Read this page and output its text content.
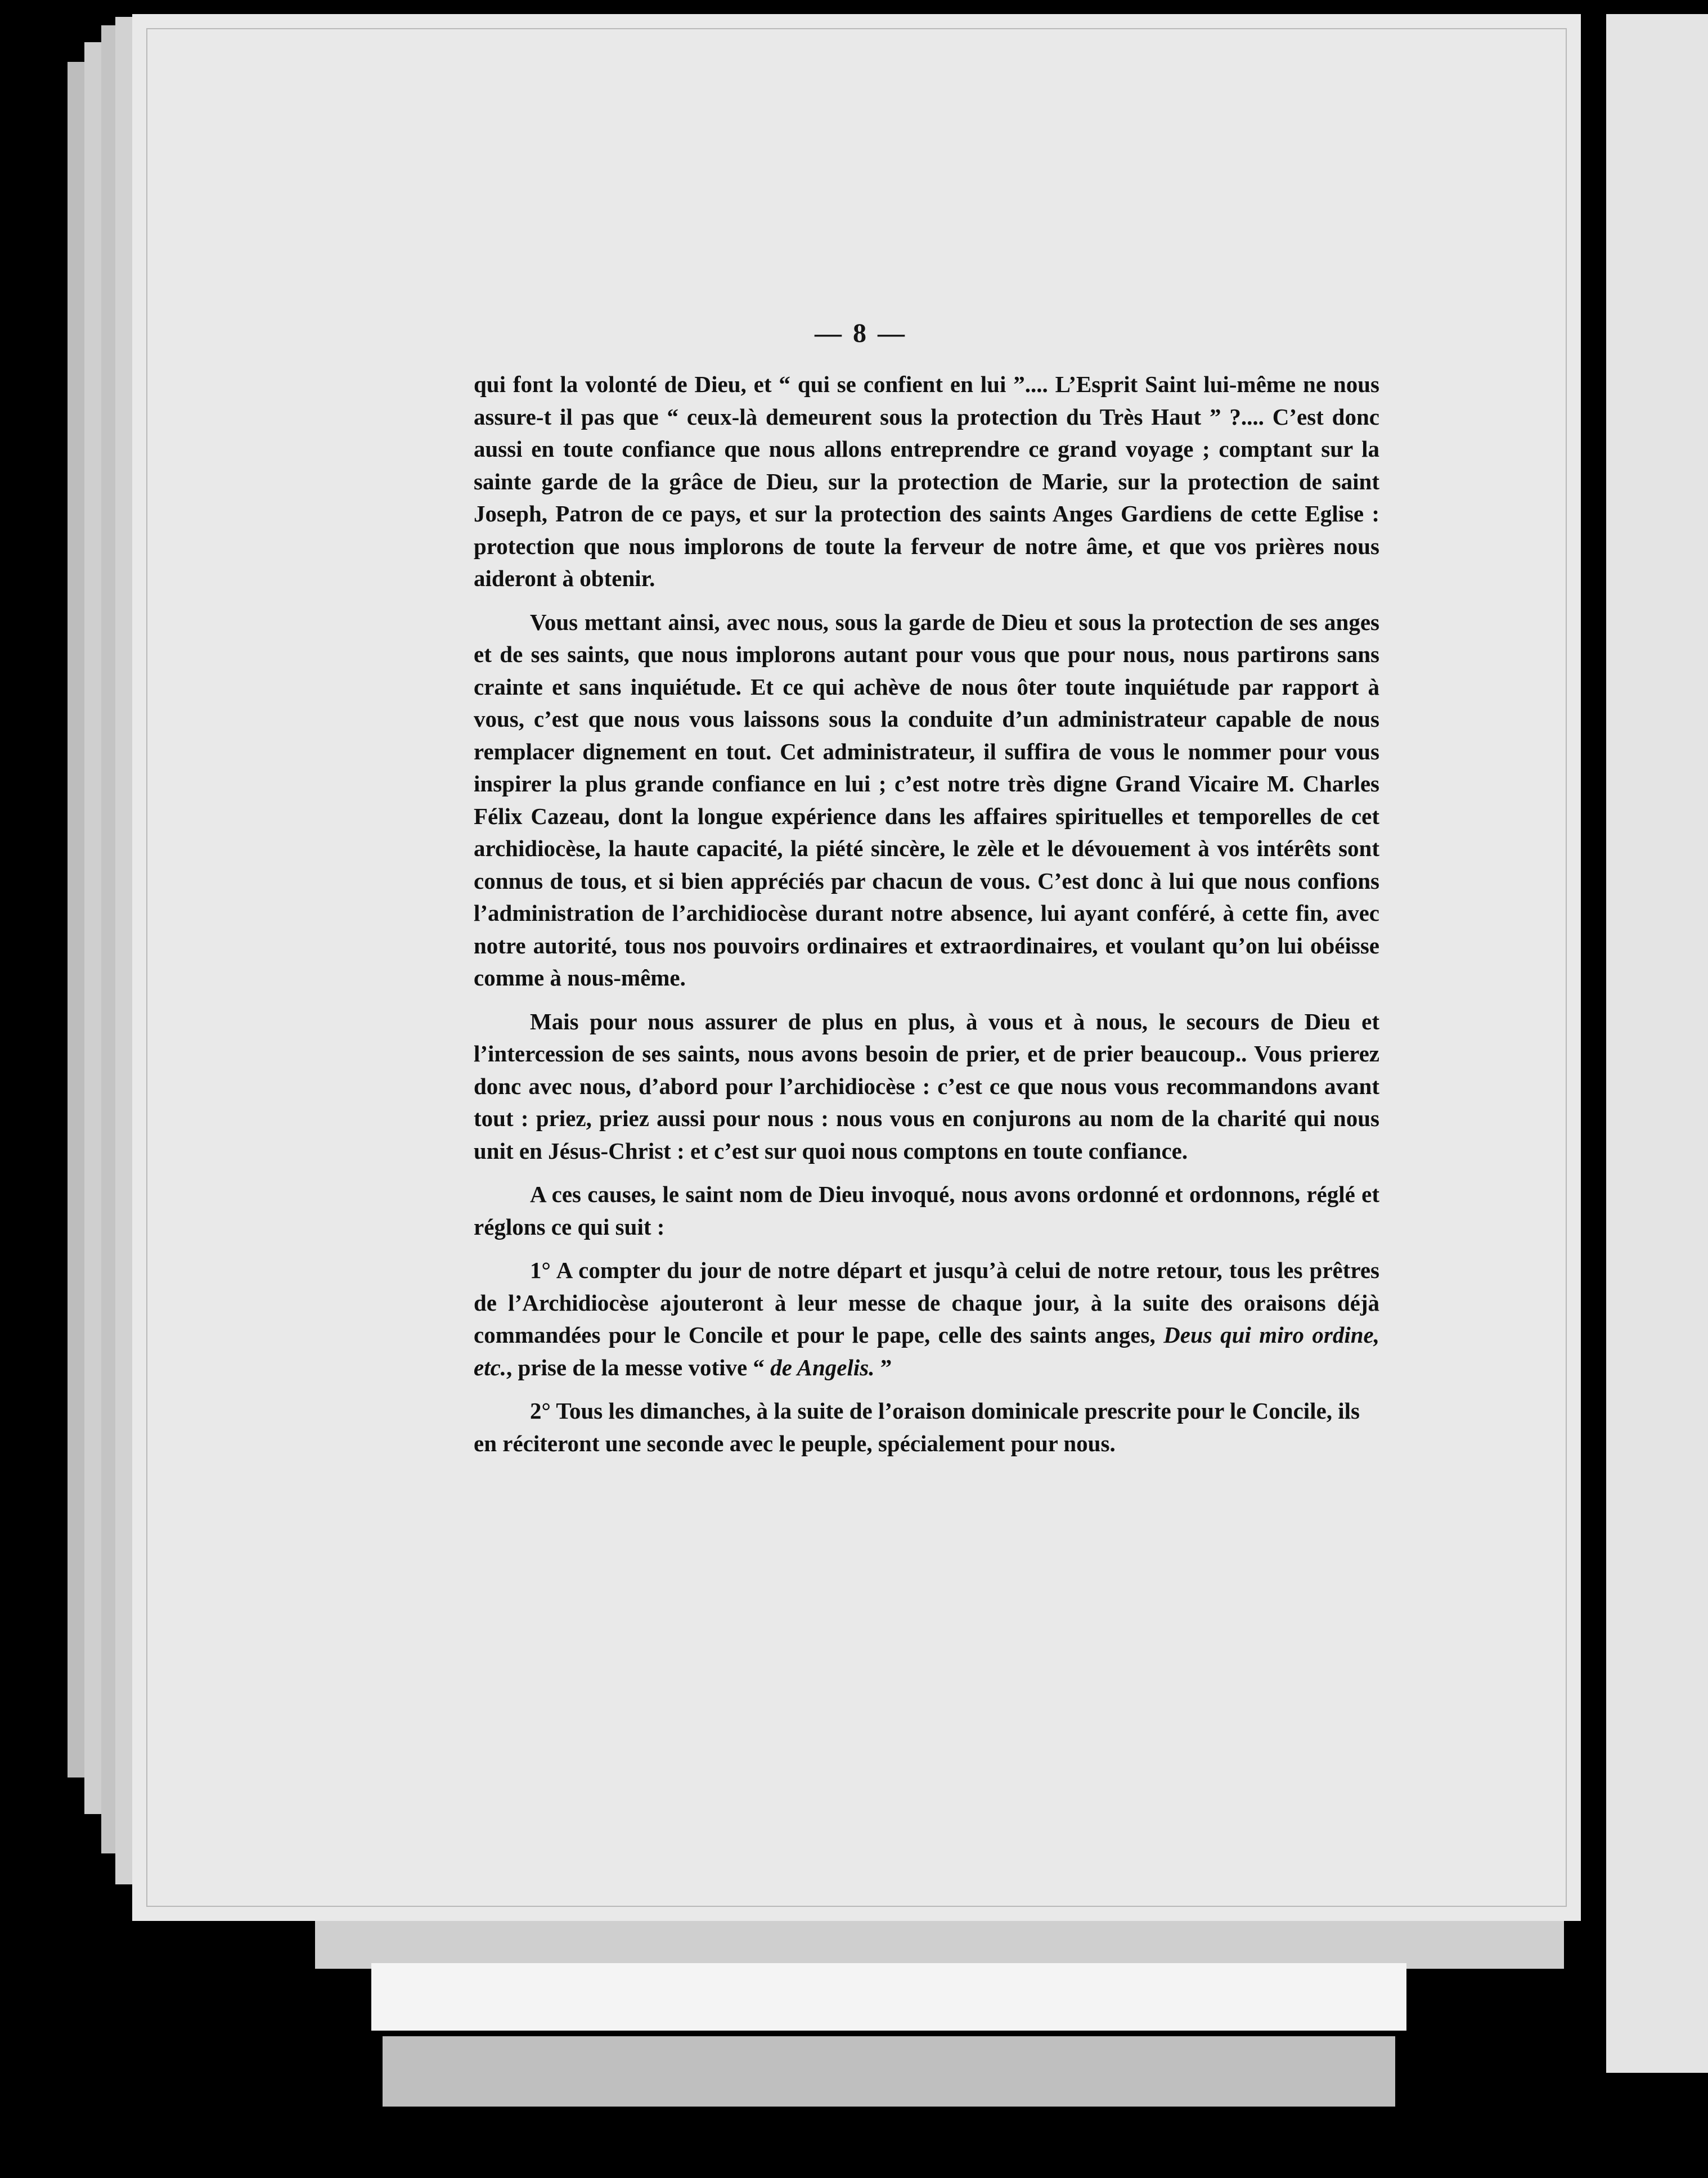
— 8 —

qui font la volonté de Dieu, et “ qui se confient en lui ”.... L’Esprit Saint lui-même ne nous assure-t il pas que “ ceux-là demeurent sous la protection du Très Haut ” ?.... C’est donc aussi en toute confiance que nous allons entreprendre ce grand voyage ; comptant sur la sainte garde de la grâce de Dieu, sur la protection de Marie, sur la protection de saint Joseph, Patron de ce pays, et sur la protection des saints Anges Gardiens de cette Eglise : protection que nous implorons de toute la ferveur de notre âme, et que vos prières nous aideront à obtenir.

Vous mettant ainsi, avec nous, sous la garde de Dieu et sous la protection de ses anges et de ses saints, que nous implorons autant pour vous que pour nous, nous partirons sans crainte et sans inquiétude. Et ce qui achève de nous ôter toute inquiétude par rapport à vous, c’est que nous vous laissons sous la conduite d’un administrateur capable de nous remplacer dignement en tout. Cet administrateur, il suffira de vous le nommer pour vous inspirer la plus grande confiance en lui ; c’est notre très digne Grand Vicaire M. Charles Félix Cazeau, dont la longue expérience dans les affaires spirituelles et temporelles de cet archidiocèse, la haute capacité, la piété sincère, le zèle et le dévouement à vos intérêts sont connus de tous, et si bien appréciés par chacun de vous. C’est donc à lui que nous confions l’administration de l’archidiocèse durant notre absence, lui ayant conféré, à cette fin, avec notre autorité, tous nos pouvoirs ordinaires et extraordinaires, et voulant qu’on lui obéisse comme à nous-même.

Mais pour nous assurer de plus en plus, à vous et à nous, le secours de Dieu et l’intercession de ses saints, nous avons besoin de prier, et de prier beaucoup.. Vous prierez donc avec nous, d’abord pour l’archidiocèse : c’est ce que nous vous recommandons avant tout : priez, priez aussi pour nous : nous vous en conjurons au nom de la charité qui nous unit en Jésus-Christ : et c’est sur quoi nous comptons en toute confiance.

A ces causes, le saint nom de Dieu invoqué, nous avons ordonné et ordonnons, réglé et réglons ce qui suit :

1° A compter du jour de notre départ et jusqu’à celui de notre retour, tous les prêtres de l’Archidiocèse ajouteront à leur messe de chaque jour, à la suite des oraisons déjà commandées pour le Concile et pour le pape, celle des saints anges, Deus qui miro ordine, etc., prise de la messe votive “ de Angelis. ”

2° Tous les dimanches, à la suite de l’oraison dominicale prescrite pour le Concile, ils en réciteront une seconde avec le peuple, spécialement pour nous.
